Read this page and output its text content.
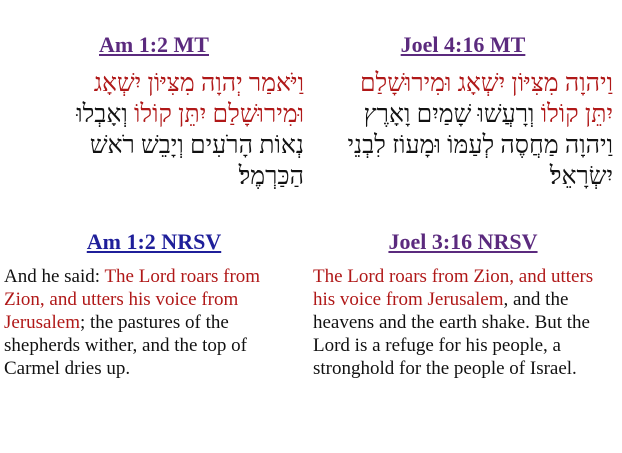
Am 1:2 MT
וַיֹּאמַר יְהוָה מִצִּיּוֹן יִשְׁאָג
וּמִירוּשָׁלַם יִתֵּן קוֹלוֹ וְאָבְלוּ
נְאוֹת הָרֹעִים וְיָבֵשׁ רֹאשׁ
הַכַּרְמֶל׃
Am 1:2 NRSV
And he said: The Lord roars from Zion, and utters his voice from Jerusalem; the pastures of the shepherds wither, and the top of Carmel dries up.
Joel 4:16 MT
וַיהוָה מִצִּיּוֹן יִשְׁאָג וּמִירוּשָׁלַם
יִתֵּן קוֹלוֹ וְרָעֲשׁוּ שָׁמַיִם וָאָרֶץ
וַיהוָה מַחֲסֶה לְעַמּוֹ וּמָעוֹז לִבְנֵי
יִשְׂרָאֵל׃
Joel 3:16 NRSV
The Lord roars from Zion, and utters his voice from Jerusalem, and the heavens and the earth shake. But the Lord is a refuge for his people, a stronghold for the people of Israel.
